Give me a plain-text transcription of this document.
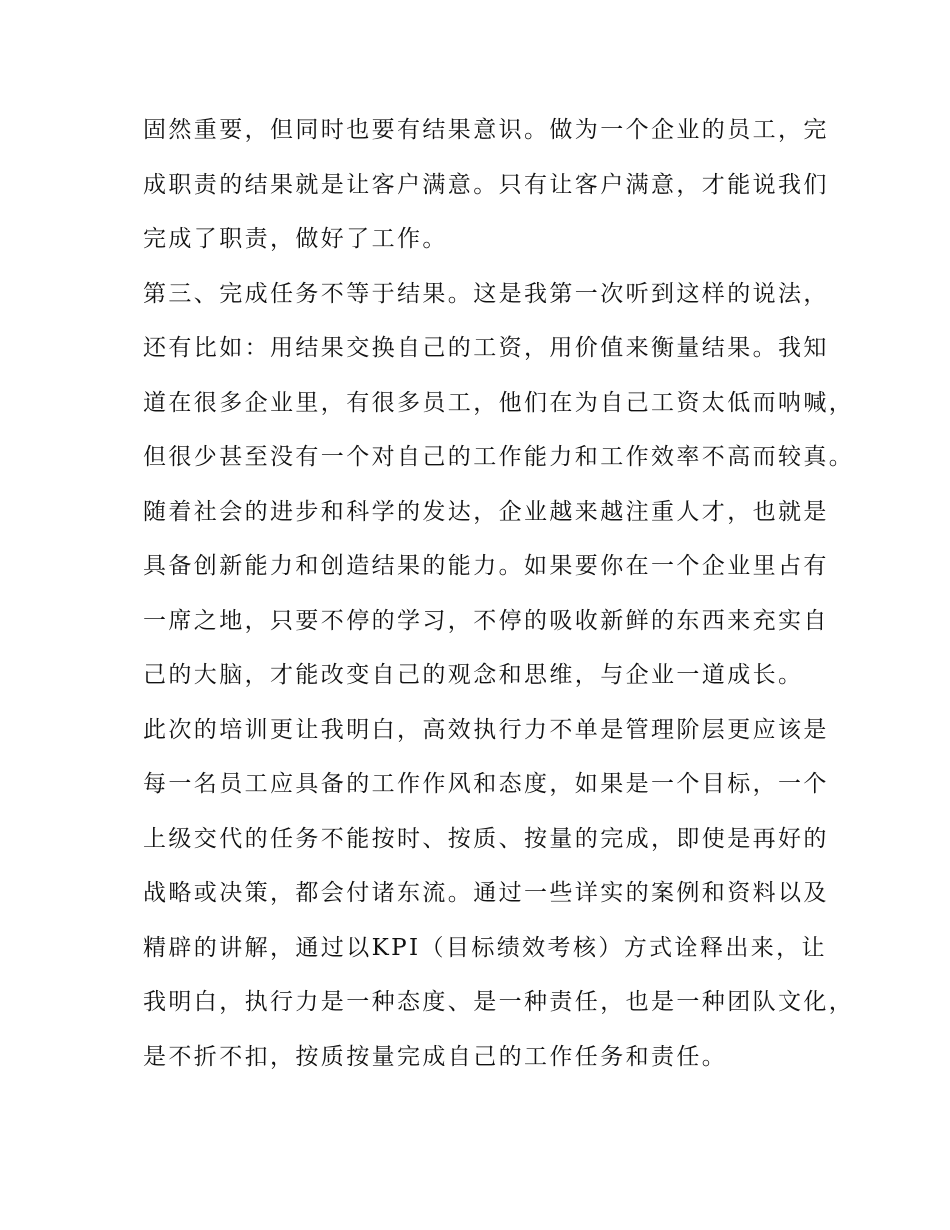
固然重要，但同时也要有结果意识。做为一个企业的员工，完
成职责的结果就是让客户满意。只有让客户满意，才能说我们
完成了职责，做好了工作。
第三、完成任务不等于结果。这是我第一次听到这样的说法，
还有比如：用结果交换自己的工资，用价值来衡量结果。我知
道在很多企业里，有很多员工，他们在为自己工资太低而呐喊，
但很少甚至没有一个对自己的工作能力和工作效率不高而较真。
随着社会的进步和科学的发达，企业越来越注重人才，也就是
具备创新能力和创造结果的能力。如果要你在一个企业里占有
一席之地，只要不停的学习，不停的吸收新鲜的东西来充实自
己的大脑，才能改变自己的观念和思维，与企业一道成长。
此次的培训更让我明白，高效执行力不单是管理阶层更应该是
每一名员工应具备的工作作风和态度，如果是一个目标，一个
上级交代的任务不能按时、按质、按量的完成，即使是再好的
战略或决策，都会付诸东流。通过一些详实的案例和资料以及
精辟的讲解，通过以KPI（目标绩效考核）方式诠释出来，让
我明白，执行力是一种态度、是一种责任，也是一种团队文化，
是不折不扣，按质按量完成自己的工作任务和责任。
